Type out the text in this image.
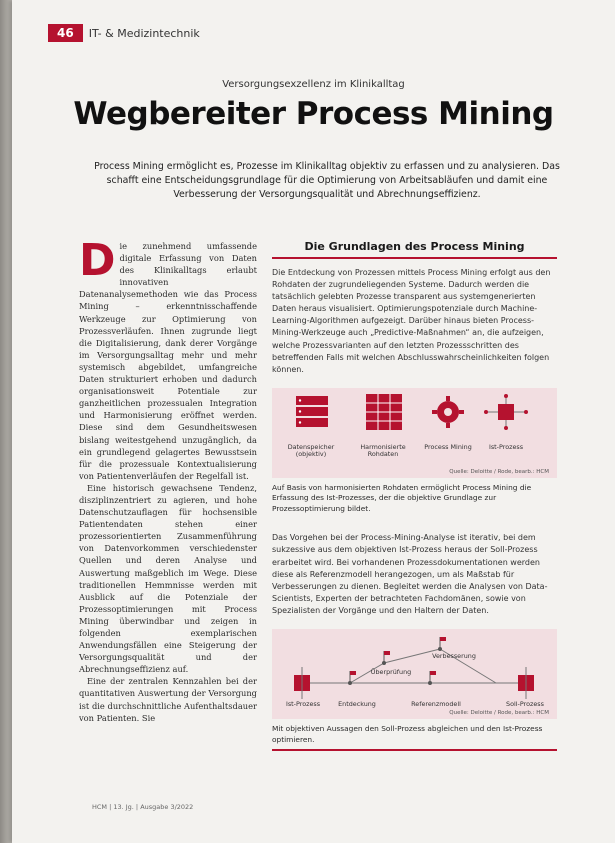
46	IT- & Medizintechnik
Versorgungsexzellenz im Klinikalltag
Wegbereiter Process Mining
Process Mining ermöglicht es, Prozesse im Klinikalltag objektiv zu erfassen und zu analysieren. Das schafft eine Entscheidungsgrundlage für die Optimierung von Arbeitsabläufen und damit eine Verbesserung der Versorgungsqualität und Abrechnungseffizienz.
D ie zunehmend umfassende digitale Erfassung von Daten des Klinikalltags erlaubt innovativen Datenanalysemethoden wie das Process Mining – erkenntnisschaffende Werkzeuge zur Optimierung von Prozessverläufen. Ihnen zugrunde liegt die Digitalisierung, dank derer Vorgänge im Versorgungsalltag mehr und mehr systemisch abgebildet, umfangreiche Daten strukturiert erhoben und dadurch organisationsweit Potentiale zur ganzheitlichen prozessualen Integration und Harmonisierung eröffnet werden. Diese sind dem Gesundheitswesen bislang weitestgehend unzugänglich, da ein grundlegend gelagertes Bewusstsein für die prozessuale Kontextualisierung von Patientenverläufen der Regelfall ist.

Eine historisch gewachsene Tendenz, disziplinzentriert zu agieren, und hohe Datenschutzauflagen für hochsensible Patientendaten stehen einer prozessorientierten Zusammenführung von Datenvorkommen verschiedenster Quellen und deren Analyse und Auswertung maßgeblich im Wege. Diese traditionellen Hemmnisse werden mit Ausblick auf die Potenziale der Prozessoptimierungen mit Process Mining überwindbar und zeigen in folgenden exemplarischen Anwendungsfällen eine Steigerung der Versorgungsqualität und der Abrechnungseffizienz auf.

Eine der zentralen Kennzahlen bei der quantitativen Auswertung der Versorgung ist die durchschnittliche Aufenthaltsdauer von Patienten. Sie

Die Grundlagen des Process Mining
Die Entdeckung von Prozessen mittels Process Mining erfolgt aus den Rohdaten der zugrundeliegenden Systeme. Dadurch werden die tatsächlich gelebten Prozesse transparent aus systemgenerierten Daten heraus visualisiert. Optimierungspotenziale durch Machine-Learning-Algorithmen aufgezeigt. Darüber hinaus bieten Process-Mining-Werkzeuge auch „Predictive-Maßnahmen“ an, die aufzeigen, welche Prozessvarianten auf den letzten Prozessschritten des betreffenden Falls mit welchen Abschlusswahrscheinlichkeiten folgen können.
Datenspeicher (objektiv)
Harmonisierte Rohdaten
Process Mining	Ist-Prozess
Quelle: Deloitte / Rode, bearb.: HCM
Auf Basis von harmonisierten Rohdaten ermöglicht Process Mining die Erfassung des Ist-Prozesses, der die objektive Grundlage zur Prozessoptimierung bildet.
Das Vorgehen bei der Process-Mining-Analyse ist iterativ, bei dem sukzessive aus dem objektiven Ist-Prozess heraus der Soll-Prozess erarbeitet wird. Bei vorhandenen Prozessdokumentationen werden diese als Referenzmodell herangezogen, um als Maßstab für Verbesserungen zu dienen. Begleitet werden die Analysen von Data-Scientists, Experten der betrachteten Fachdomänen, sowie von Spezialisten der Vorgänge und den Haltern der Daten.
Ist-Prozess	Entdeckung	Referenzmodell	Soll-Prozess
Überprüfung
Verbesserung
Quelle: Deloitte / Rode, bearb.: HCM
Mit objektiven Aussagen den Soll-Prozess abgleichen und den Ist-Prozess optimieren.
HCM | 13. Jg. | Ausgabe 3/2022
